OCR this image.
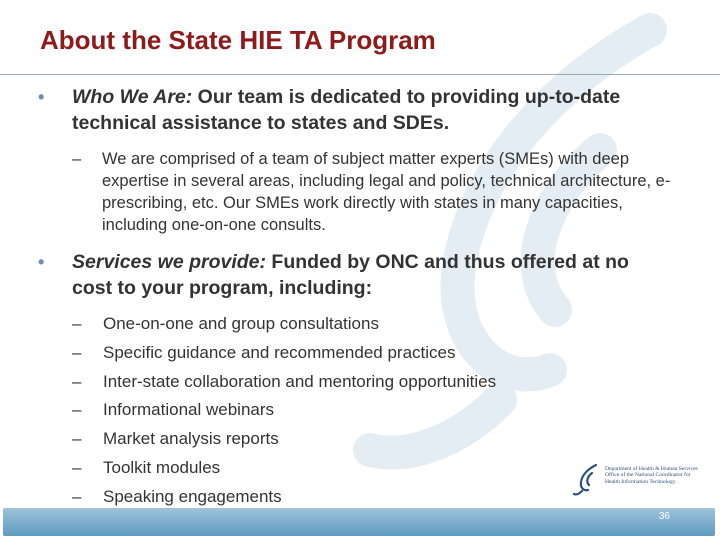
About the State HIE TA Program
• Who We Are: Our team is dedicated to providing up-to-date technical assistance to states and SDEs.
– We are comprised of a team of subject matter experts (SMEs) with deep expertise in several areas, including legal and policy, technical architecture, e-prescribing, etc. Our SMEs work directly with states in many capacities, including one-on-one consults.
• Services we provide: Funded by ONC and thus offered at no cost to your program, including:
– One-on-one and group consultations
– Specific guidance and recommended practices
– Inter-state collaboration and mentoring opportunities
– Informational webinars
– Market analysis reports
– Toolkit modules
– Speaking engagements
Department of Health & Human Services
Office of the National Coordinator for
Health Information Technology
36
